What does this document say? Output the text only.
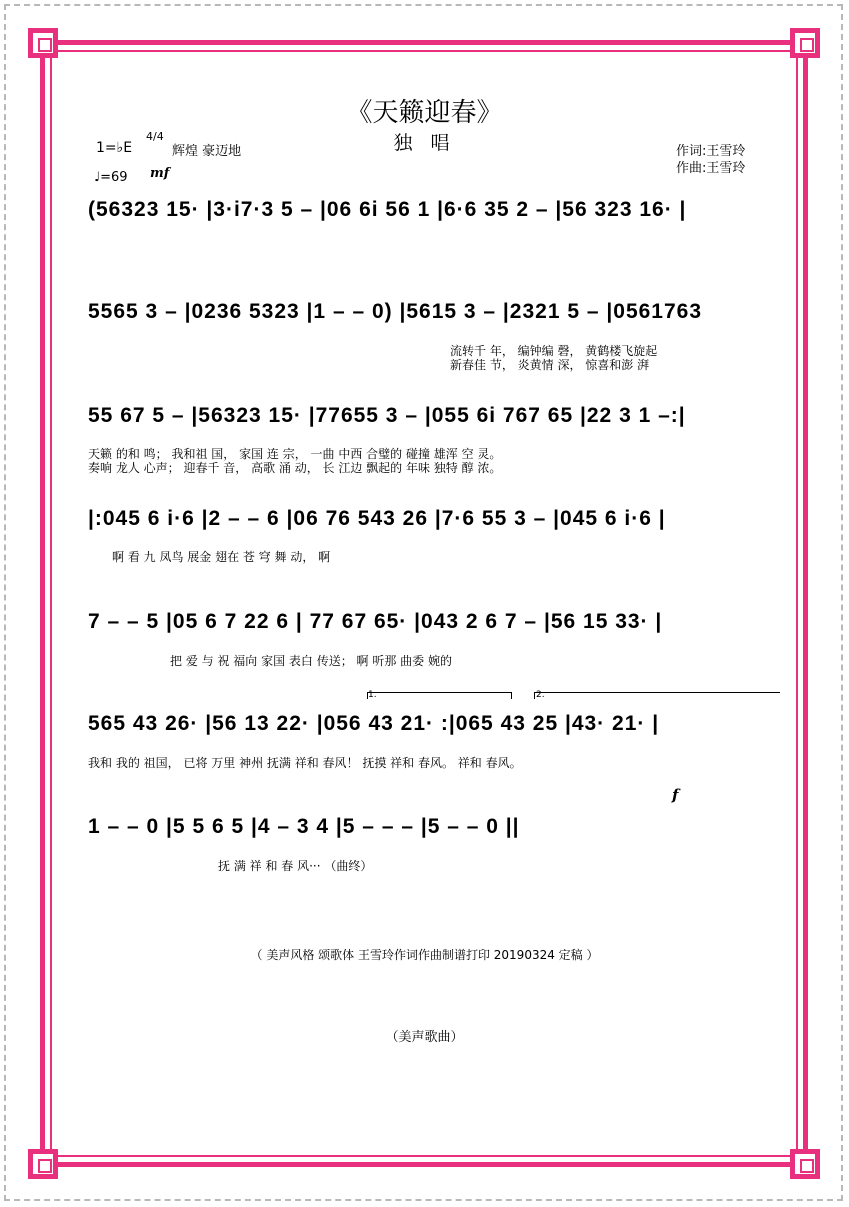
《天籁迎春》
独 唱
1=♭E
4/4
辉煌 豪迈地
♩=69 mf
作词:王雪玲
作曲:王雪玲
(56323 15· |3·i7·3 5 – |06 6i 56 1 |6·6 35 2 – |56 323 16· |
5565 3 – |0236 5323 |1 – – 0) |5615 3 – |2321 5 – |0561763
流转千 年， 编钟编 磬， 黄鹤楼飞旋起
新春佳 节， 炎黄情 深， 惊喜和澎 湃
55 67 5 – |56323 15· |77655 3 – |055 6i 767 65 |22 3 1 –:|
天籁 的和 鸣； 我和祖 国， 家国 连 宗， 一曲 中西 合璧的 碰撞 雄浑 空 灵。
奏响 龙人 心声； 迎春千 音， 高歌 涌 动， 长 江边 飘起的 年味 独特 醇 浓。
|:045 6 i·6 |2 – – 6 |06 76 543 26 |7·6 55 3 – |045 6 i·6 |
啊 看 九 凤鸟 展金 翅在 苍 穹 舞 动， 啊
7 – – 5 |05 6 7 22 6 | 77 67 65· |043 2 6 7 – |56 15 33· |
把 爱 与 祝 福向 家国 表白 传送； 啊 听那 曲委 婉的
1.	2.
565 43 26· |56 13 22· |056 43 21· :|065 43 25 |43· 21· |
我和 我的 祖国， 已将 万里 神州 抚满 祥和 春风！ 抚摸 祥和 春风。 祥和 春风。
f
1 – – 0 |5 5 6 5 |4 – 3 4 |5 – – – |5 – – 0 ||
抚 满 祥 和 春 风··· （曲终）
（ 美声风格 颂歌体 王雪玲作词作曲制谱打印 20190324 定稿 ）
（美声歌曲）
